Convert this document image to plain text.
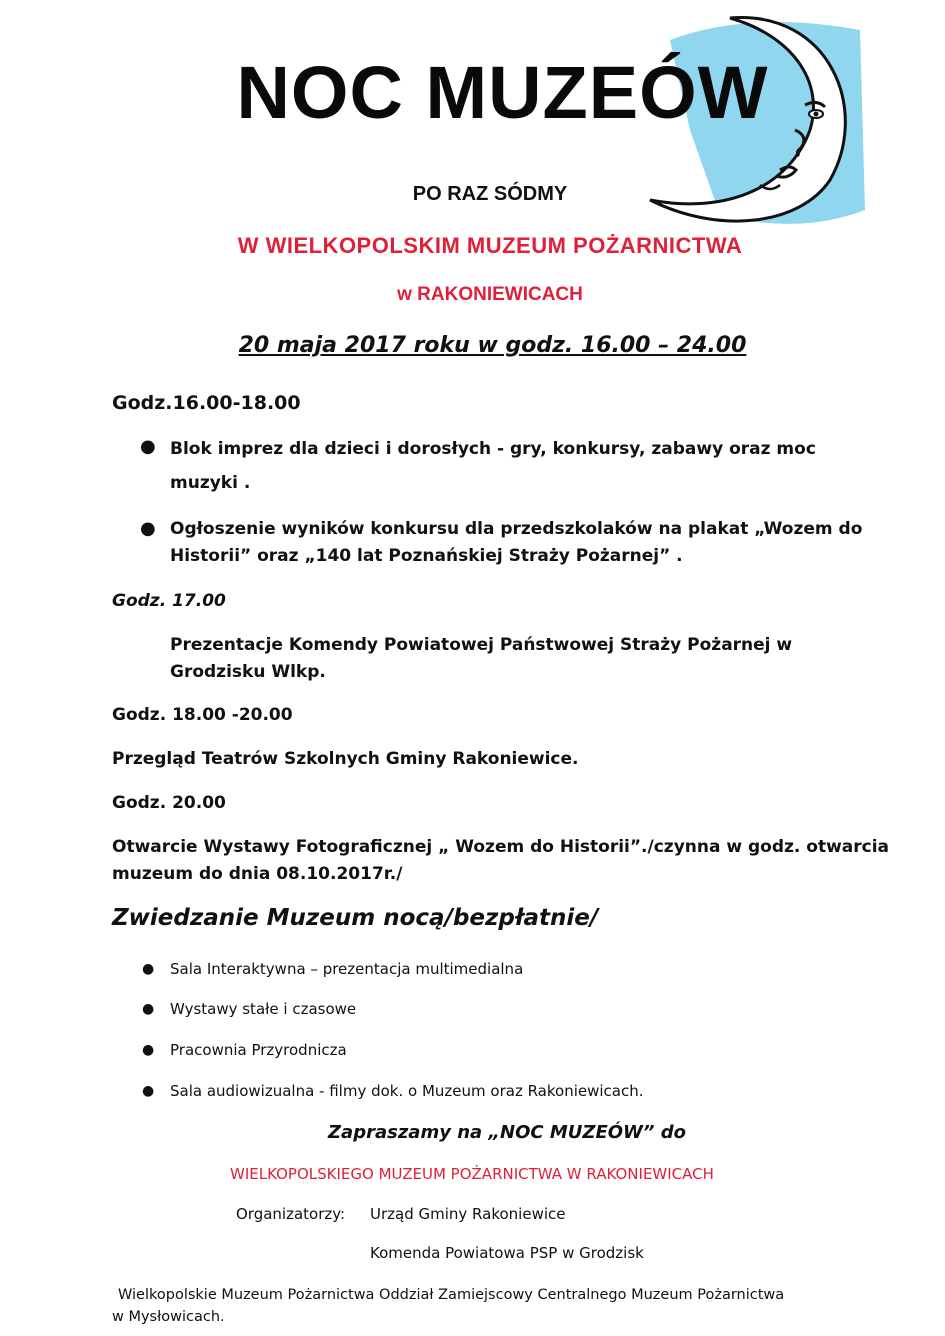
NOC MUZEÓW
PO RAZ SÓDMY
W WIELKOPOLSKIM MUZEUM POŻARNICTWA
w RAKONIEWICACH
20 maja 2017 roku w godz. 16.00 – 24.00
Godz.16.00-18.00
● Blok imprez dla dzieci i dorosłych - gry, konkursy, zabawy oraz moc
muzyki .
● Ogłoszenie wyników konkursu dla przedszkolaków na plakat „Wozem do
Historii” oraz „140 lat Poznańskiej Straży Pożarnej” .
Godz. 17.00
Prezentacje Komendy Powiatowej Państwowej Straży Pożarnej w
Grodzisku Wlkp.
Godz. 18.00 -20.00
Przegląd Teatrów Szkolnych Gminy Rakoniewice.
Godz. 20.00
Otwarcie Wystawy Fotograficznej „ Wozem do Historii”./czynna w godz. otwarcia
muzeum do dnia 08.10.2017r./
Zwiedzanie Muzeum nocą/bezpłatnie/
● Sala Interaktywna – prezentacja multimedialna
● Wystawy stałe i czasowe
● Pracownia Przyrodnicza
● Sala audiowizualna - filmy dok. o Muzeum oraz Rakoniewicach.
Zapraszamy na „NOC MUZEÓW” do
WIELKOPOLSKIEGO MUZEUM POŻARNICTWA W RAKONIEWICACH
Organizatorzy: Urząd Gminy Rakoniewice
Komenda Powiatowa PSP w Grodzisk
Wielkopolskie Muzeum Pożarnictwa Oddział Zamiejscowy Centralnego Muzeum Pożarnictwa
w Mysłowicach.
